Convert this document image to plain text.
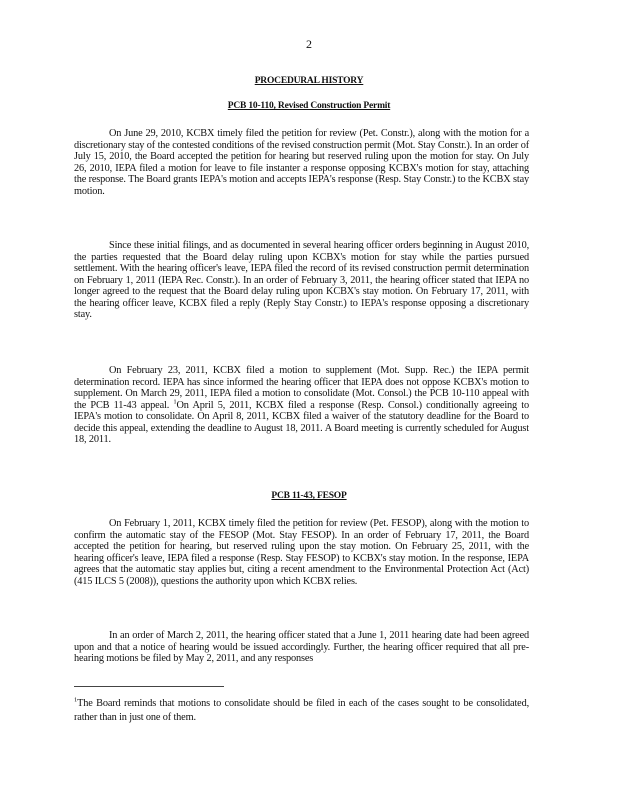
2
PROCEDURAL HISTORY
PCB 10-110, Revised Construction Permit

On June 29, 2010, KCBX timely filed the petition for review (Pet. Constr.), along with the motion for a discretionary stay of the contested conditions of the revised construction permit (Mot. Stay Constr.). In an order of July 15, 2010, the Board accepted the petition for hearing but reserved ruling upon the motion for stay. On July 26, 2010, IEPA filed a motion for leave to file instanter a response opposing KCBX's motion for stay, attaching the response. The Board grants IEPA's motion and accepts IEPA's response (Resp. Stay Constr.) to the KCBX stay motion.

Since these initial filings, and as documented in several hearing officer orders beginning in August 2010, the parties requested that the Board delay ruling upon KCBX's motion for stay while the parties pursued settlement. With the hearing officer's leave, IEPA filed the record of its revised construction permit determination on February 1, 2011 (IEPA Rec. Constr.). In an order of February 3, 2011, the hearing officer stated that IEPA no longer agreed to the request that the Board delay ruling upon KCBX's stay motion. On February 17, 2011, with the hearing officer leave, KCBX filed a reply (Reply Stay Constr.) to IEPA's response opposing a discretionary stay.

On February 23, 2011, KCBX filed a motion to supplement (Mot. Supp. Rec.) the IEPA permit determination record. IEPA has since informed the hearing officer that IEPA does not oppose KCBX's motion to supplement. On March 29, 2011, IEPA filed a motion to consolidate (Mot. Consol.) the PCB 10-110 appeal with the PCB 11-43 appeal. $^1$On April 5, 2011, KCBX filed a response (Resp. Consol.) conditionally agreeing to IEPA's motion to consolidate. On April 8, 2011, KCBX filed a waiver of the statutory deadline for the Board to decide this appeal, extending the deadline to August 18, 2011. A Board meeting is currently scheduled for August 18, 2011.

PCB 11-43, FESOP

On February 1, 2011, KCBX timely filed the petition for review (Pet. FESOP), along with the motion to confirm the automatic stay of the FESOP (Mot. Stay FESOP). In an order of February 17, 2011, the Board accepted the petition for hearing, but reserved ruling upon the stay motion. On February 25, 2011, with the hearing officer's leave, IEPA filed a response (Resp. Stay FESOP) to KCBX's stay motion. In the response, IEPA agrees that the automatic stay applies but, citing a recent amendment to the Environmental Protection Act (Act) (415 ILCS 5 (2008)), questions the authority upon which KCBX relies.

In an order of March 2, 2011, the hearing officer stated that a June 1, 2011 hearing date had been agreed upon and that a notice of hearing would be issued accordingly. Further, the hearing officer required that all pre-hearing motions be filed by May 2, 2011, and any responses

$^1$The Board reminds that motions to consolidate should be filed in each of the cases sought to be consolidated, rather than in just one of them.
